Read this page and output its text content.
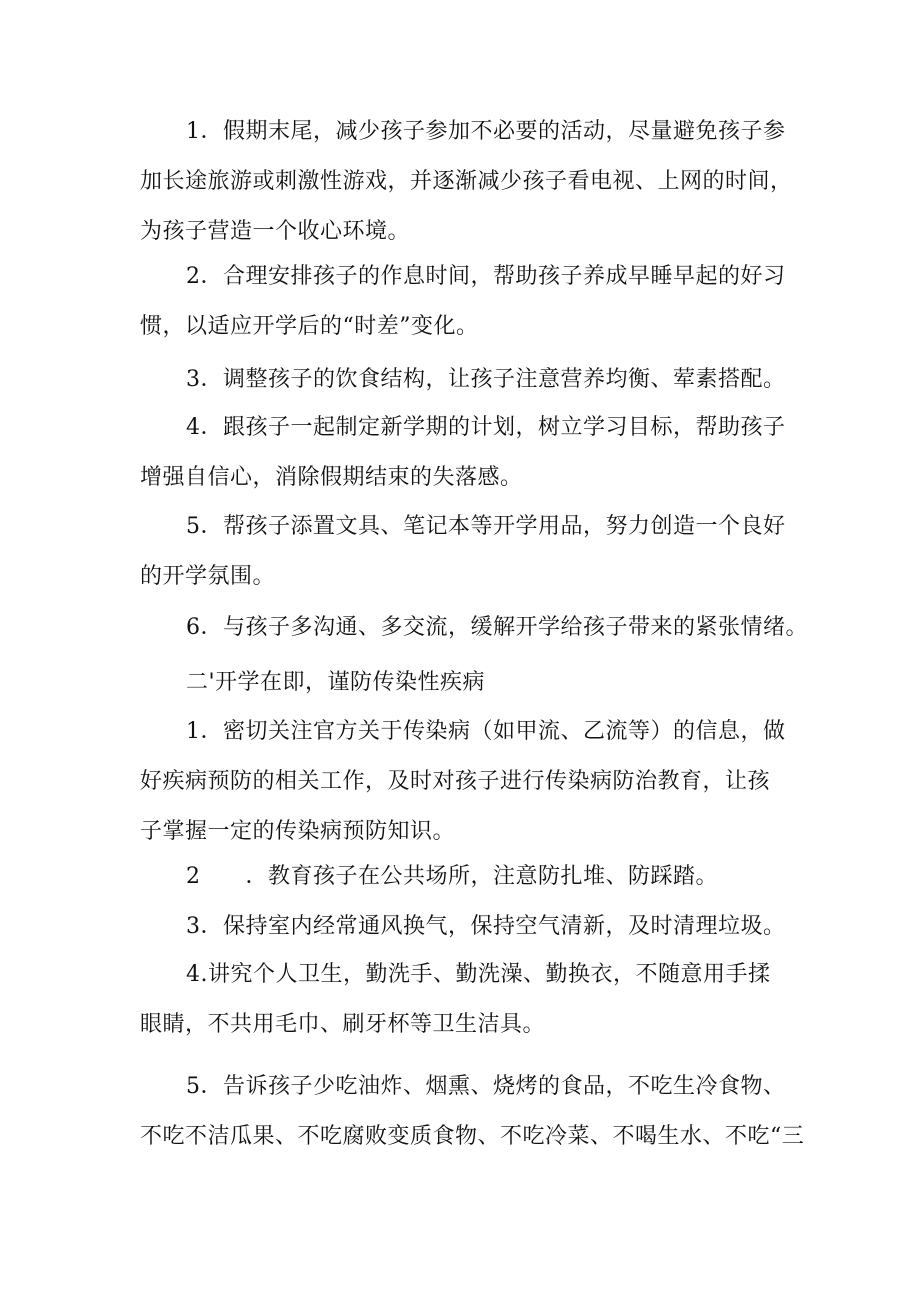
1．假期末尾，减少孩子参加不必要的活动，尽量避免孩子参
加长途旅游或刺激性游戏，并逐渐减少孩子看电视、上网的时间，
为孩子营造一个收心环境。

2．合理安排孩子的作息时间，帮助孩子养成早睡早起的好习
惯，以适应开学后的“时差”变化。

3．调整孩子的饮食结构，让孩子注意营养均衡、荤素搭配。

4．跟孩子一起制定新学期的计划，树立学习目标，帮助孩子
增强自信心，消除假期结束的失落感。

5．帮孩子添置文具、笔记本等开学用品，努力创造一个良好
的开学氛围。

6．与孩子多沟通、多交流，缓解开学给孩子带来的紧张情绪。

二'开学在即，谨防传染性疾病

1．密切关注官方关于传染病（如甲流、乙流等）的信息，做
好疾病预防的相关工作，及时对孩子进行传染病防治教育，让孩
子掌握一定的传染病预防知识。

2　　．教育孩子在公共场所，注意防扎堆、防踩踏。

3．保持室内经常通风换气，保持空气清新，及时清理垃圾。

4.讲究个人卫生，勤洗手、勤洗澡、勤换衣，不随意用手揉
眼睛，不共用毛巾、刷牙杯等卫生洁具。

5．告诉孩子少吃油炸、烟熏、烧烤的食品，不吃生冷食物、
不吃不洁瓜果、不吃腐败变质食物、不吃冷菜、不喝生水、不吃“三
